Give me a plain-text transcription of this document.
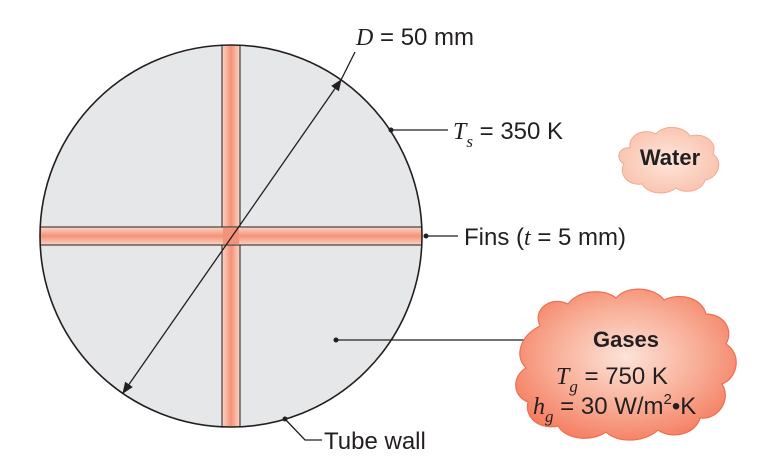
D = 50 mm
$T_s = 350$ K
Water
Fins (t = 5 mm)
Gases
$T_g = 750$ K
$h_g = 30$ $W/m^2•K$
Tube wall
